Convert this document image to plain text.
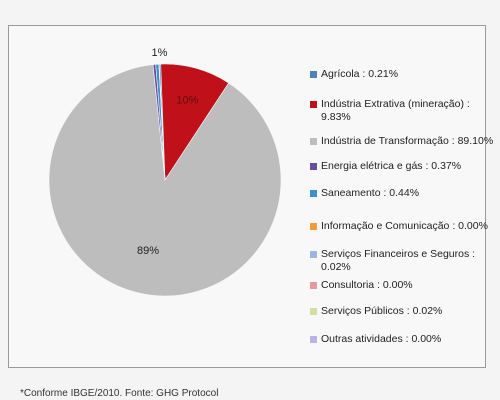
1%
10%
89%
Agrícola : 0.21%
Indústria Extrativa (mineração) : 9.83%
Indústria de Transformação : 89.10%
Energia elétrica e gás : 0.37%
Saneamento : 0.44%
Informação e Comunicação : 0.00%
Serviços Financeiros e Seguros : 0.02%
Consultoria : 0.00%
Serviços Públicos : 0.02%
Outras atividades : 0.00%
*Conforme IBGE/2010. Fonte: GHG Protocol
